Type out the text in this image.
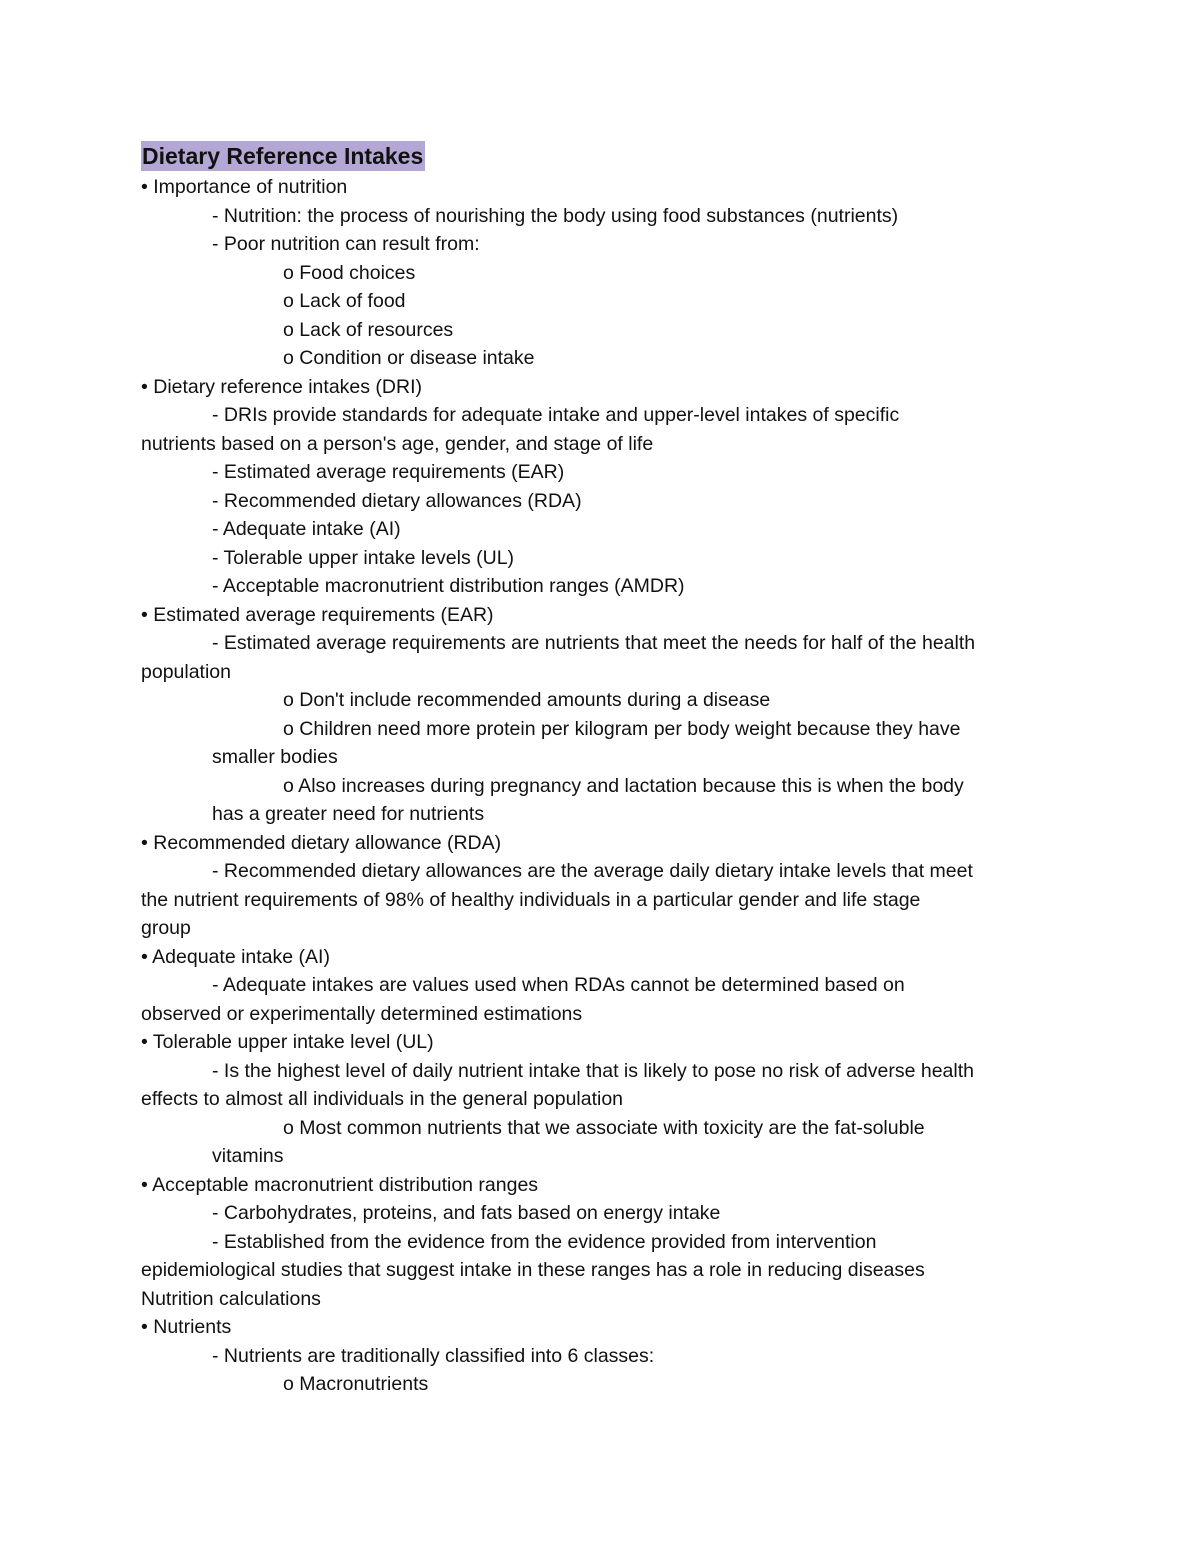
Dietary Reference Intakes
• Importance of nutrition
- Nutrition: the process of nourishing the body using food substances (nutrients)
- Poor nutrition can result from:
o Food choices
o Lack of food
o Lack of resources
o Condition or disease intake
• Dietary reference intakes (DRI)
- DRIs provide standards for adequate intake and upper-level intakes of specific
nutrients based on a person's age, gender, and stage of life
- Estimated average requirements (EAR)
- Recommended dietary allowances (RDA)
- Adequate intake (AI)
- Tolerable upper intake levels (UL)
- Acceptable macronutrient distribution ranges (AMDR)
• Estimated average requirements (EAR)
- Estimated average requirements are nutrients that meet the needs for half of the health
population
o Don't include recommended amounts during a disease
o Children need more protein per kilogram per body weight because they have
smaller bodies
o Also increases during pregnancy and lactation because this is when the body
has a greater need for nutrients
• Recommended dietary allowance (RDA)
- Recommended dietary allowances are the average daily dietary intake levels that meet
the nutrient requirements of 98% of healthy individuals in a particular gender and life stage
group
• Adequate intake (AI)
- Adequate intakes are values used when RDAs cannot be determined based on
observed or experimentally determined estimations
• Tolerable upper intake level (UL)
- Is the highest level of daily nutrient intake that is likely to pose no risk of adverse health
effects to almost all individuals in the general population
o Most common nutrients that we associate with toxicity are the fat-soluble
vitamins
• Acceptable macronutrient distribution ranges
- Carbohydrates, proteins, and fats based on energy intake
- Established from the evidence from the evidence provided from intervention
epidemiological studies that suggest intake in these ranges has a role in reducing diseases
Nutrition calculations
• Nutrients
- Nutrients are traditionally classified into 6 classes:
o Macronutrients
